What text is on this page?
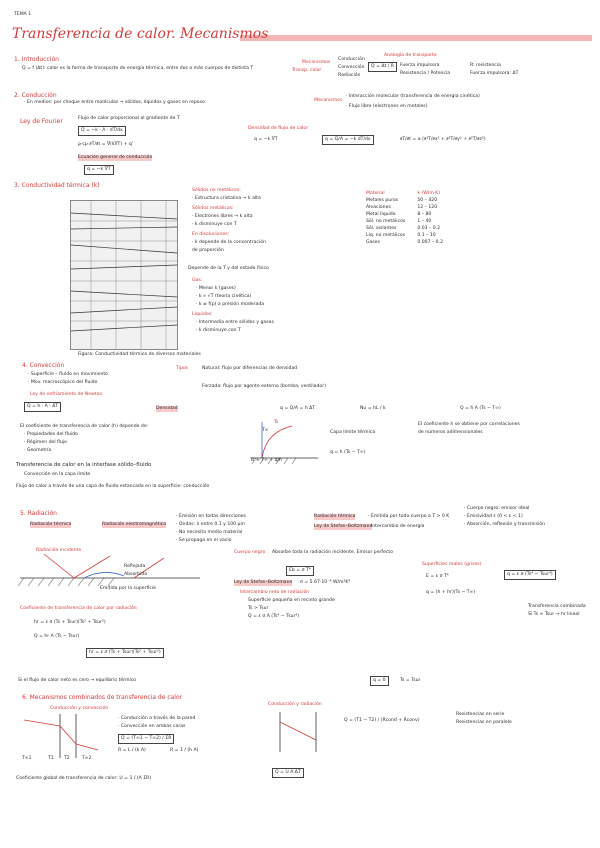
TEMA 1
Transferencia de calor. Mecanismos
1. Introducción
Q = f (Δt): calor es la forma de transporte de energía térmica, entre dos o más cuerpos de distinta T
Mecanismos
Transp. calor
Conducción
Convección
Radiación
Analogía de transporte
Q = Δt / R	Fuerza impulsora
Resistencia / Potencia
R: resistencia
Fuerza impulsora: ΔT
2. Conducción
· En medios: por choque entre moléculas → sólidos, líquidos y gases en reposo	Mecanismos
· Interacción molecular (transferencia de energía cinética)
· Flujo libre (electrones en metales)
Ley de Fourier	Flujo de calor proporcional al gradiente de T
Q = −k · A · dT/dx	Densidad de flujo de calor
q = Q/A = −k dT/dx
q = −k ∇T	∂T/∂t = α (∂²T/∂x² + ∂²T/∂y² + ∂²T/∂z²)
ρ·cp ∂T/∂t = ∇(k∇T) + q'
Ecuación general de conducción
q = −k ∇T
3. Conductividad térmica (k)
Figura: Conductividad térmica de diversos materiales
Sólidos no metálicos:
· Estructura cristalina → k alta
Sólidos metálicos:
· Electrones libres → k alta
· k disminuye con T
En disoluciones:
· k depende de la concentración
de proporción
Depende de la T y del estado físico
Gas:
· Menor k (gases)
· k ∝ √T (teoría cinética)
· k ≠ f(p) a presión moderada
Líquidos:
· Intermedia entre sólidos y gases
· k disminuye con T
Material	k (W/m·K)
Metales puros	50 – 420
Aleaciones	12 – 120
Metal líquido	8 – 80
Sól. no metálicos	1 – 40
Sól. aislantes	0.03 – 0.2
Líq. no metálicos	0.1 – 10
Gases	0.007 – 0.2
4. Convección
· Superficie – fluido en movimiento
· Mov. macroscópico del fluido
Tipos	Natural: flujo por diferencias de densidad
Forzada: flujo por agente externo (bomba, ventilador)
Ley de enfriamiento de Newton
Q = h · A · ΔT	Densidad	q = Q/A = h ΔT	Nu = hL / k	Q = h A (Ts − T∞)
El coeficiente de transferencia de calor (h) depende de:
· Propiedades del fluido
· Régimen del flujo
· Geometría
Ts
T∞	Capa límite térmica
El coeficiente h se obtiene por correlaciones
de números adimensionales
q = h (Ts − T∞)
Ts ≈ T∞ + q/h
Transferencia de calor en la interfase sólido–fluido
Convección en la capa límite
Flujo de calor a través de una capa de fluido estancada en la superficie: conducción
5. Radiación
Radiación térmica	Radiación electromagnética
· Emisión en todas direcciones
· Ondas: λ entre 0.1 y 100 μm
· No necesita medio material
· Se propaga en el vacío
Radiación térmica
Ley de Stefan–Boltzmann
· Emitida por todo cuerpo a T > 0 K
· Intercambio de energía
· Cuerpo negro: emisor ideal
· Emisividad ε (0 < ε < 1)
· Absorción, reflexión y transmisión
Radiación incidente
Reflejada
Absorbida
Emitida por la superficie
Cuerpo negro Absorbe toda la radiación incidente. Emisor perfecto
Eb = σ T⁴
Ley de Stefan–Boltzmann σ = 5.67·10⁻⁸ W/m²K⁴
Superficies reales (grises)
E = ε σ T⁴	q = ε σ (Ts⁴ − Tsur⁴)
Intercambio neto de radiación
Superficie pequeña en recinto grande
Ts > Tsur
Q = ε σ A (Ts⁴ − Tsur⁴)
q = (h + hr)(Ts − T∞)
Transferencia combinada
Si Ts ≈ Tsur → hr lineal
Coeficiente de transferencia de calor por radiación
hr = ε σ (Ts + Tsur)(Ts² + Tsur²)
Q = hr A (Ts − Tsur)
hr = ε σ (Ts + Tsur)(Ts² + Tsur²)
Si el flujo de calor neto es cero → equilibrio térmico	q = 0	Ts = Tsur
6. Mecanismos combinados de transferencia de calor
Conducción y convección
T∞1	T1 T2	T∞2
· Conducción a través de la pared
· Convección en ambas caras
Q = (T∞1 − T∞2) / ΣR
R = L / (k A)	R = 1 / (h A)
Conducción y radiación
Q = (T1 − T2) / (Rcond + Rconv)
Resistencias en serie
Resistencias en paralelo
Coeficiente global de transferencia de calor: U = 1 / (A ΣR)
Q = U A ΔT
